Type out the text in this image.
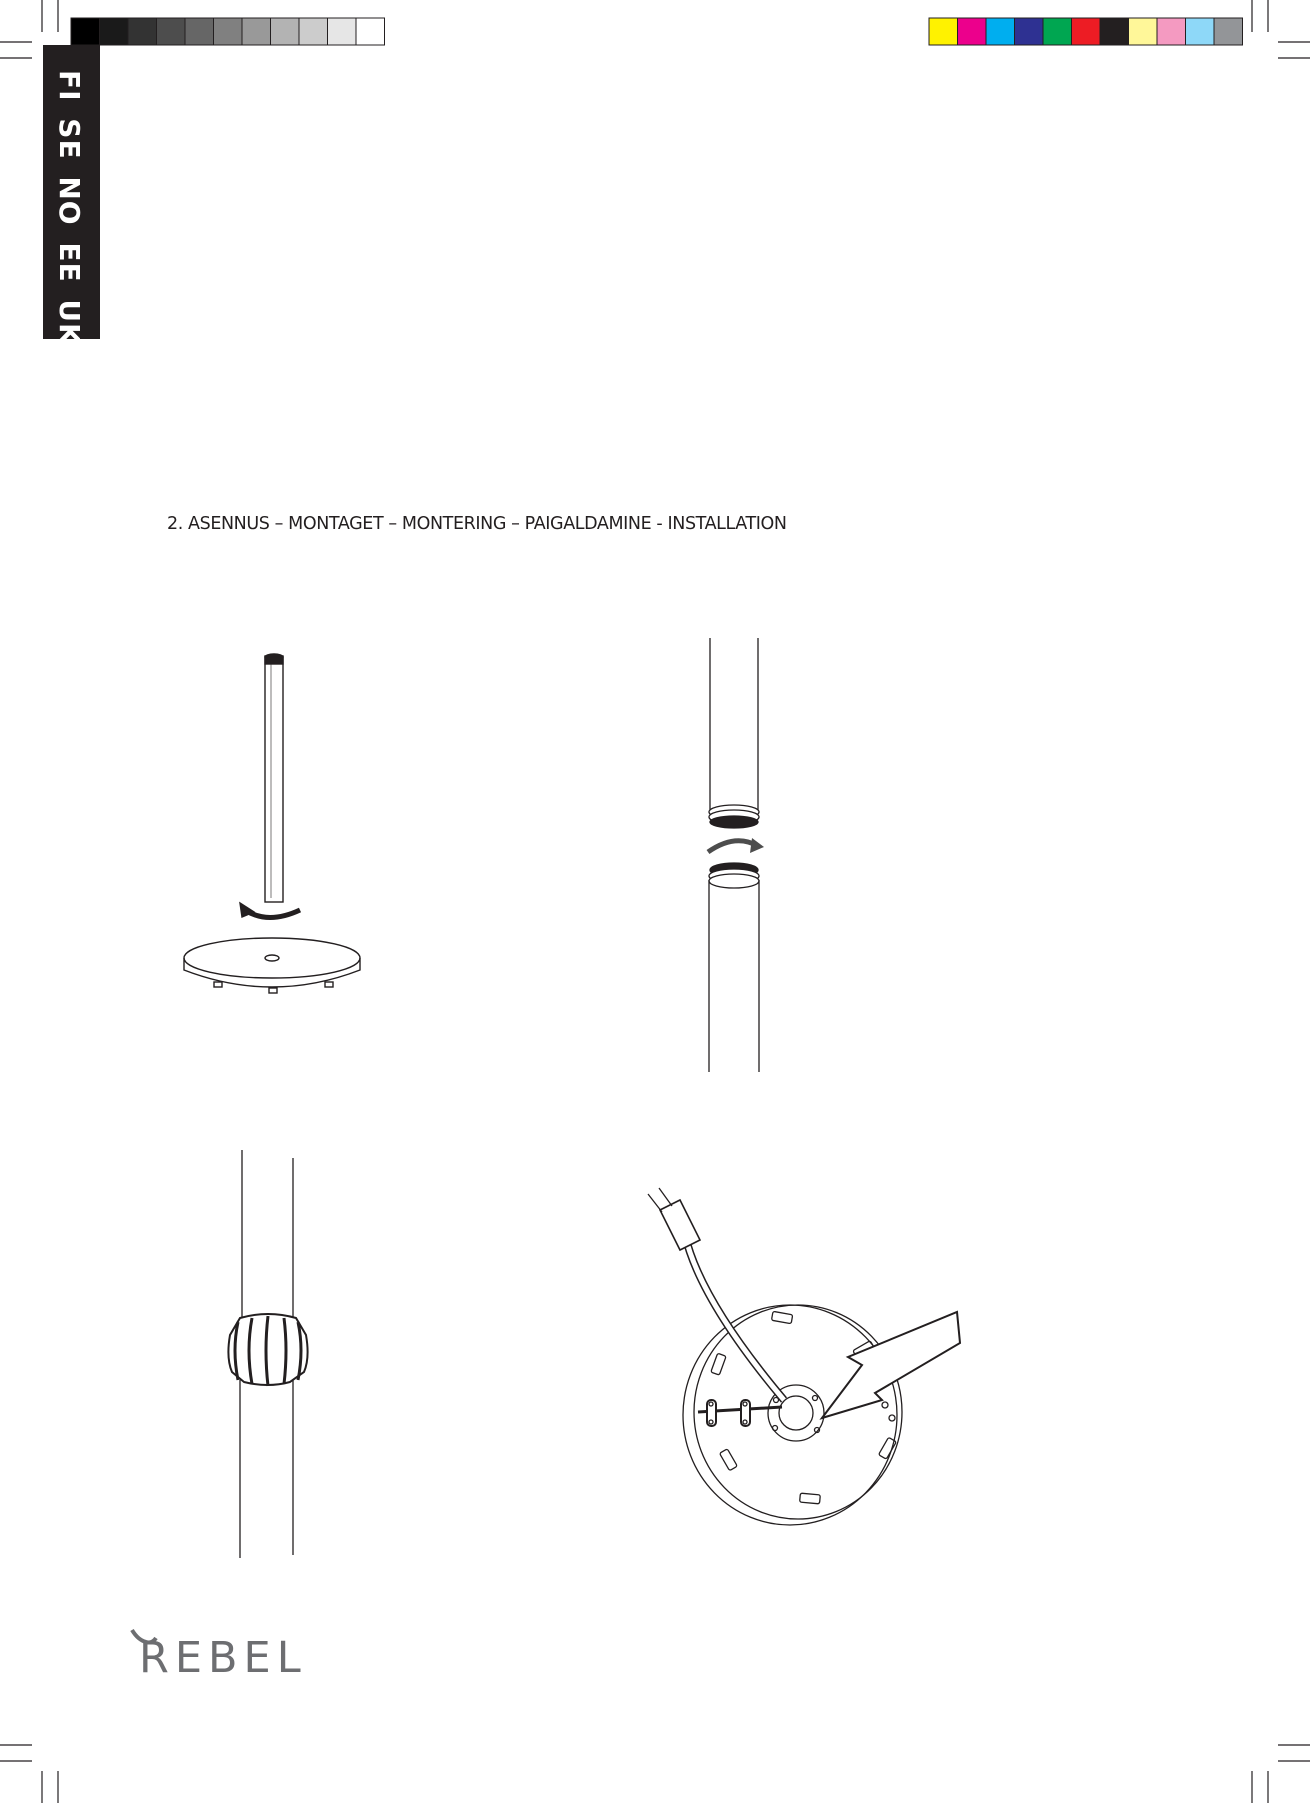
FI SE NO EE UK
2. ASENNUS – MONTAGET – MONTERING – PAIGALDAMINE - INSTALLATION
REBEL
